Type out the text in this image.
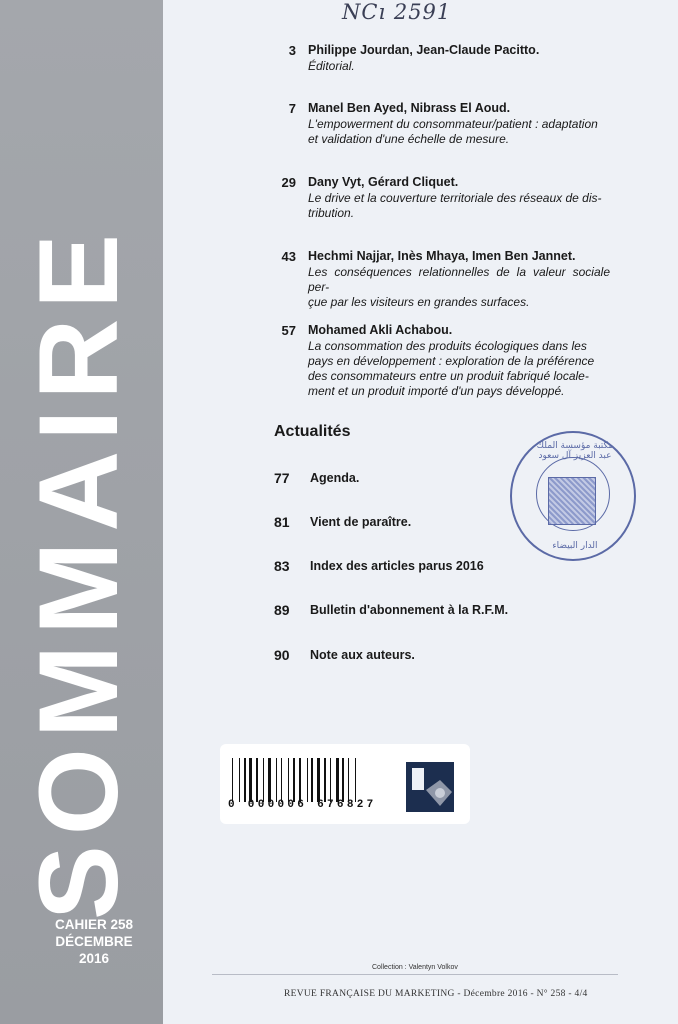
SOMMAIRE
CAHIER 258
DÉCEMBRE
2016
NCı 2591
3 Philippe Jourdan, Jean-Claude Pacitto.
Éditorial.
7 Manel Ben Ayed, Nibrass El Aoud.
L'empowerment du consommateur/patient : adaptation
et validation d'une échelle de mesure.
29 Dany Vyt, Gérard Cliquet.
Le drive et la couverture territoriale des réseaux de dis-
tribution.
43 Hechmi Najjar, Inès Mhaya, Imen Ben Jannet.
Les conséquences relationnelles de la valeur sociale per-
çue par les visiteurs en grandes surfaces.
57 Mohamed Akli Achabou.
La consommation des produits écologiques dans les
pays en développement : exploration de la préférence
des consommateurs entre un produit fabriqué locale-
ment et un produit importé d'un pays développé.
Actualités
77 Agenda.
81 Vient de paraître.
83 Index des articles parus 2016
89 Bulletin d'abonnement à la R.F.M.
90 Note aux auteurs.
مكتبة مؤسسة الملك عبد العزيز آل سعود
الدار البيضاء
0 000006 676827
Collection : Valentyn Volkov
REVUE FRANÇAISE DU MARKETING - Décembre 2016 - N° 258 - 4/4
